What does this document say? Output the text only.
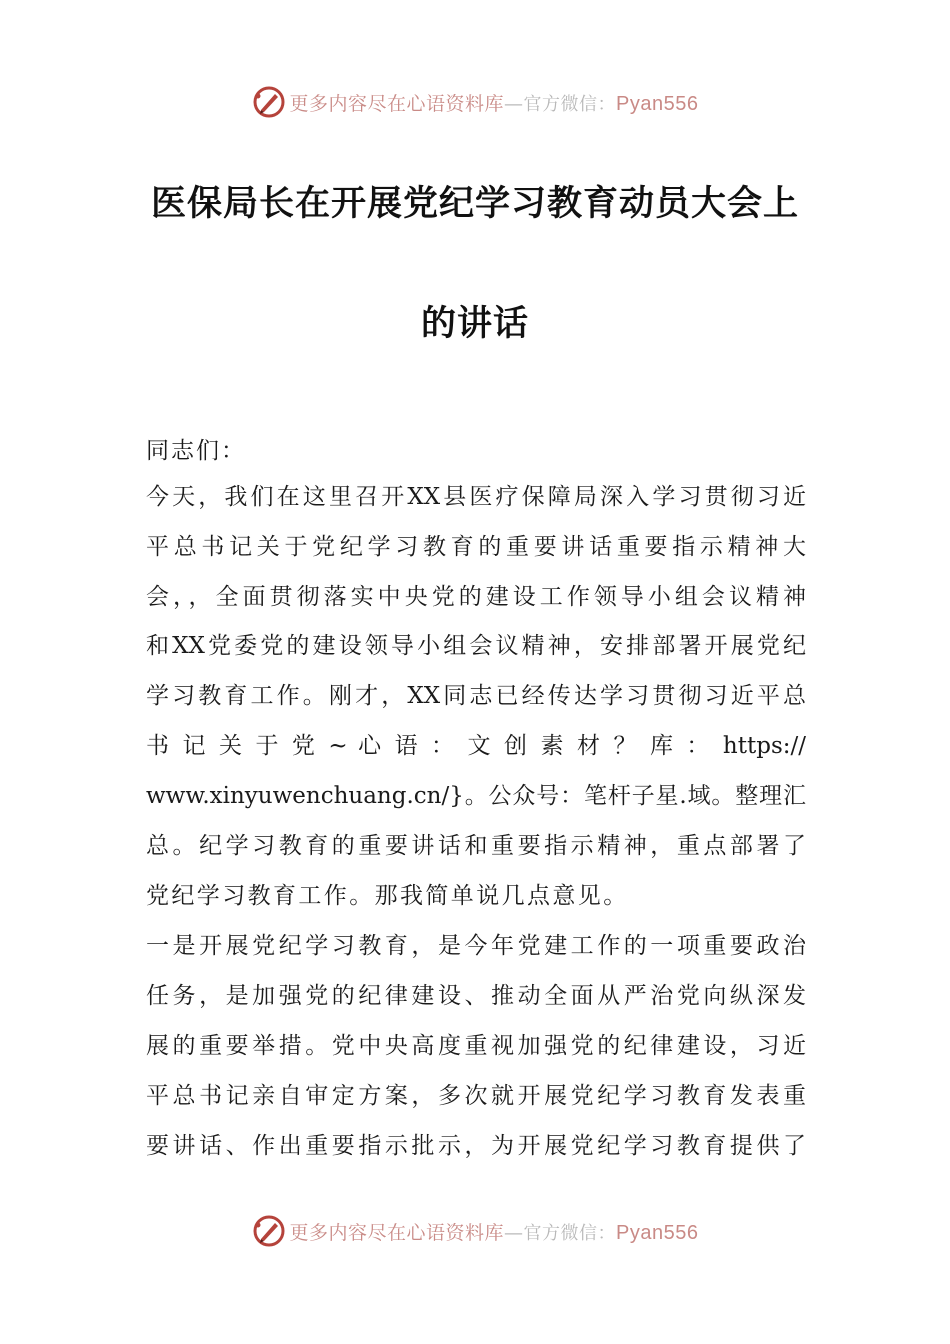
更多内容尽在心语资料库—官方微信：Pyan556
医保局长在开展党纪学习教育动员大会上
的讲话
同志们：
今天，我们在这里召开XX县医疗保障局深入学习贯彻习近
平总书记关于党纪学习教育的重要讲话重要指示精神大
会，，全面贯彻落实中央党的建设工作领导小组会议精神
和XX党委党的建设领导小组会议精神，安排部署开展党纪
学习教育工作。刚才，XX同志已经传达学习贯彻习近平总
书 记 关 于 党 ~ 心 语 ： 文 创 素 材 ？ 库 ： https://
www.xinyuwenchuang.cn/}。公众号：笔杆子星.域。整理汇
总。纪学习教育的重要讲话和重要指示精神，重点部署了
党纪学习教育工作。那我简单说几点意见。
一是开展党纪学习教育，是今年党建工作的一项重要政治
任务，是加强党的纪律建设、推动全面从严治党向纵深发
展的重要举措。党中央高度重视加强党的纪律建设，习近
平总书记亲自审定方案，多次就开展党纪学习教育发表重
要讲话、作出重要指示批示，为开展党纪学习教育提供了
更多内容尽在心语资料库—官方微信：Pyan556
